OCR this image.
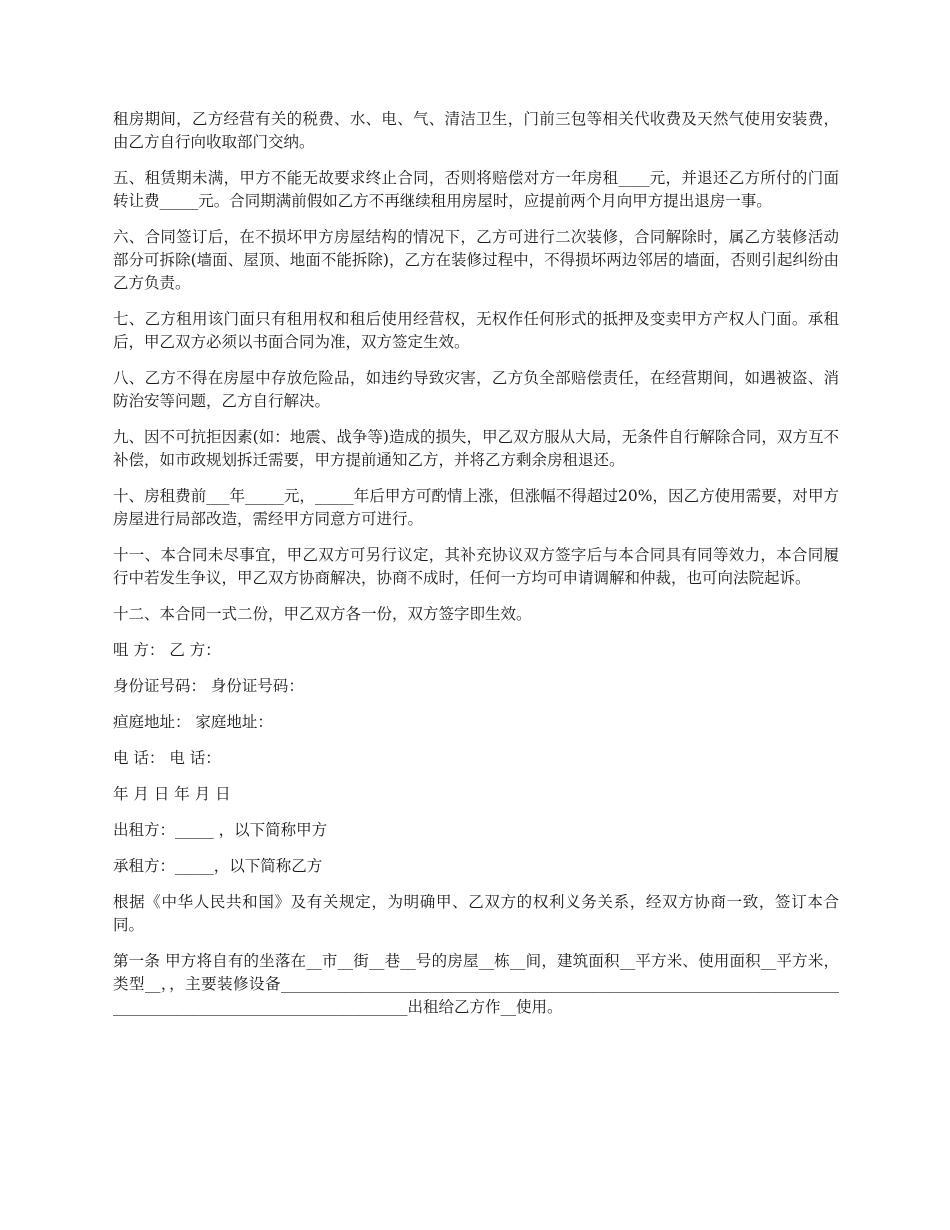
租房期间，乙方经营有关的税费、水、电、气、清洁卫生，门前三包等相关代收费及天然气使用安装费，由乙方自行向收取部门交纳。

五、租赁期未满，甲方不能无故要求终止合同，否则将赔偿对方一年房租____元，并退还乙方所付的门面转让费_____元。合同期满前假如乙方不再继续租用房屋时，应提前两个月向甲方提出退房一事。

六、合同签订后，在不损坏甲方房屋结构的情况下，乙方可进行二次装修，合同解除时，属乙方装修活动部分可拆除(墙面、屋顶、地面不能拆除)，乙方在装修过程中，不得损坏两边邻居的墙面，否则引起纠纷由乙方负责。

七、乙方租用该门面只有租用权和租后使用经营权，无权作任何形式的抵押及变卖甲方产权人门面。承租后，甲乙双方必须以书面合同为准，双方签定生效。

八、乙方不得在房屋中存放危险品，如违约导致灾害，乙方负全部赔偿责任，在经营期间，如遇被盗、消防治安等问题，乙方自行解决。

九、因不可抗拒因素(如：地震、战争等)造成的损失，甲乙双方服从大局，无条件自行解除合同，双方互不补偿，如市政规划拆迁需要，甲方提前通知乙方，并将乙方剩余房租退还。

十、房租费前___年_____元，_____年后甲方可酌情上涨，但涨幅不得超过20%，因乙方使用需要，对甲方房屋进行局部改造，需经甲方同意方可进行。

十一、本合同未尽事宜，甲乙双方可另行议定，其补充协议双方签字后与本合同具有同等效力，本合同履行中若发生争议，甲乙双方协商解决，协商不成时，任何一方均可申请调解和仲裁，也可向法院起诉。

十二、本合同一式二份，甲乙双方各一份，双方签字即生效。

咀 方： 乙 方：

身份证号码： 身份证号码：

疸庭地址： 家庭地址：

电 话： 电 话：

年 月 日 年 月 日

出租方：_____ ，以下简称甲方

承租方：_____，以下简称乙方

根据《中华人民共和国》及有关规定，为明确甲、乙双方的权利义务关系，经双方协商一致，签订本合同。

第一条 甲方将自有的坐落在__市__街__巷__号的房屋__栋__间，建筑面积__平方米、使用面积__平方米，类型__，，主要装修设备______________________________________________________________________________________________________________出租给乙方作__使用。
